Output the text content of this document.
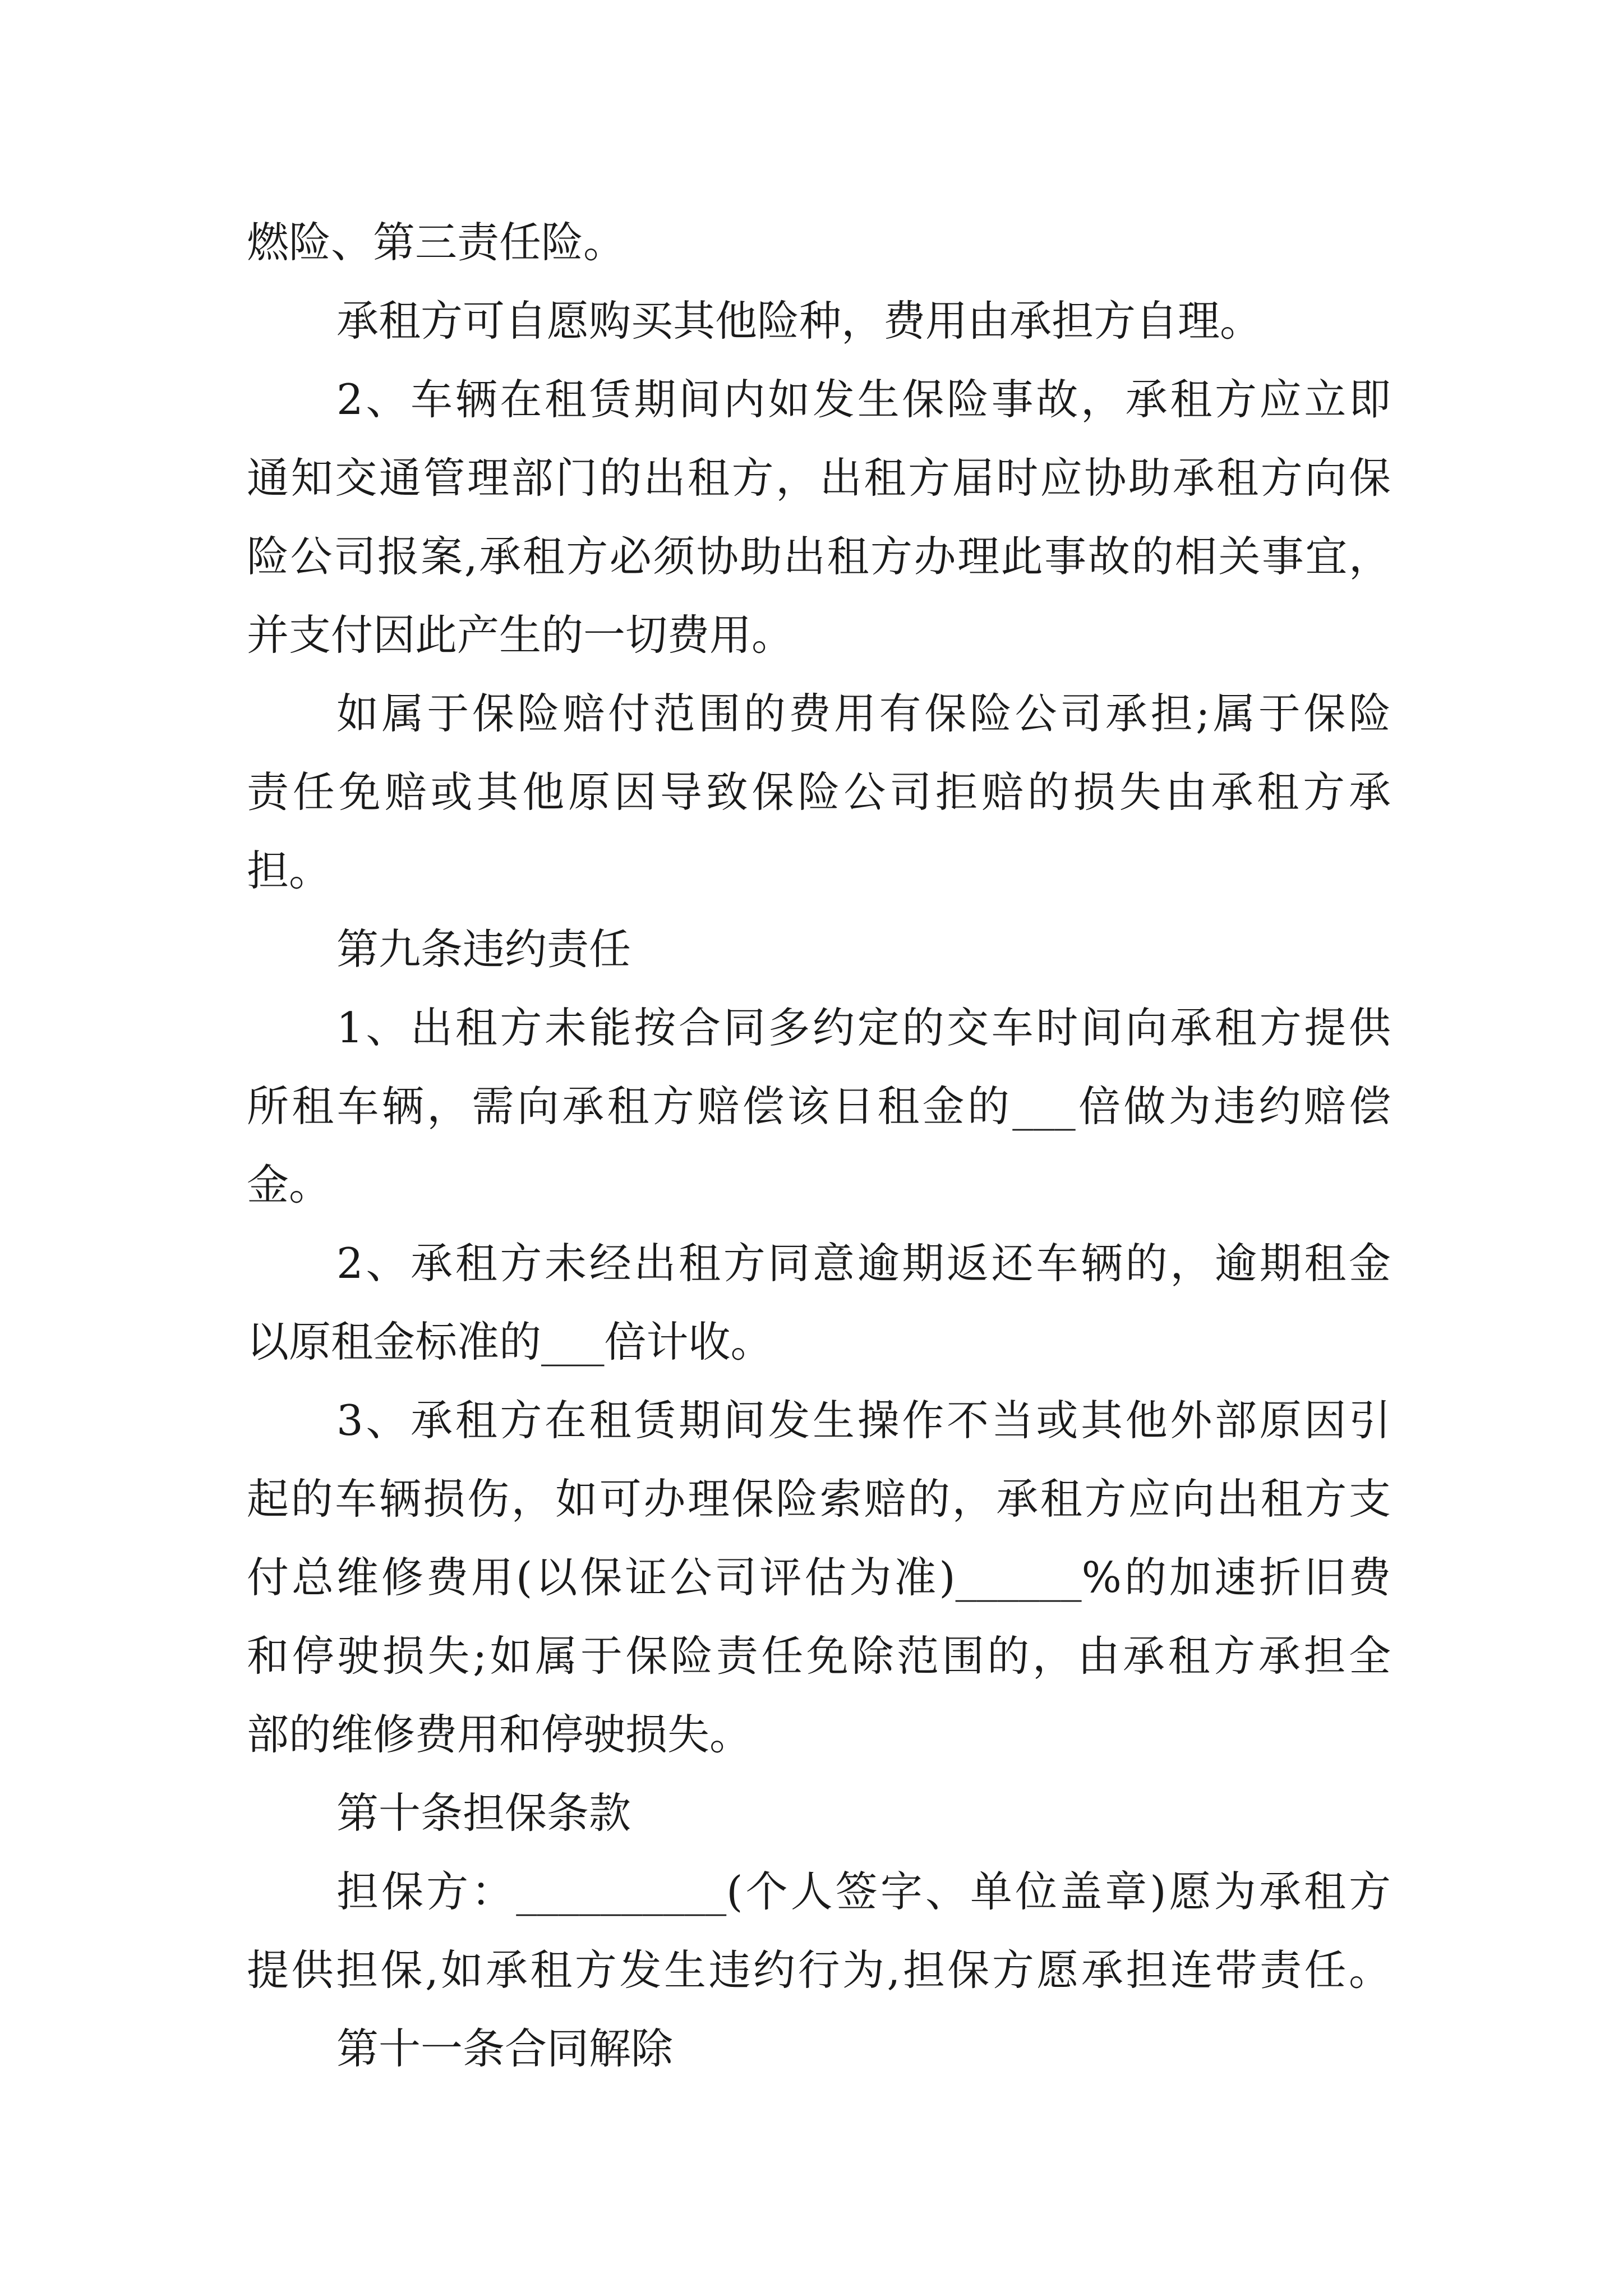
燃险、第三责任险。
承租方可自愿购买其他险种，费用由承担方自理。
2、车辆在租赁期间内如发生保险事故，承租方应立即
通知交通管理部门的出租方，出租方届时应协助承租方向保
险公司报案,承租方必须协助出租方办理此事故的相关事宜，
并支付因此产生的一切费用。
如属于保险赔付范围的费用有保险公司承担;属于保险
责任免赔或其他原因导致保险公司拒赔的损失由承租方承
担。
第九条违约责任
1、出租方未能按合同多约定的交车时间向承租方提供
所租车辆，需向承租方赔偿该日租金的___倍做为违约赔偿
金。
2、承租方未经出租方同意逾期返还车辆的，逾期租金
以原租金标准的___倍计收。
3、承租方在租赁期间发生操作不当或其他外部原因引
起的车辆损伤，如可办理保险索赔的，承租方应向出租方支
付总维修费用(以保证公司评估为准)______%的加速折旧费
和停驶损失;如属于保险责任免除范围的，由承租方承担全
部的维修费用和停驶损失。
第十条担保条款
担保方：__________(个人签字、单位盖章)愿为承租方
提供担保,如承租方发生违约行为,担保方愿承担连带责任。
第十一条合同解除
